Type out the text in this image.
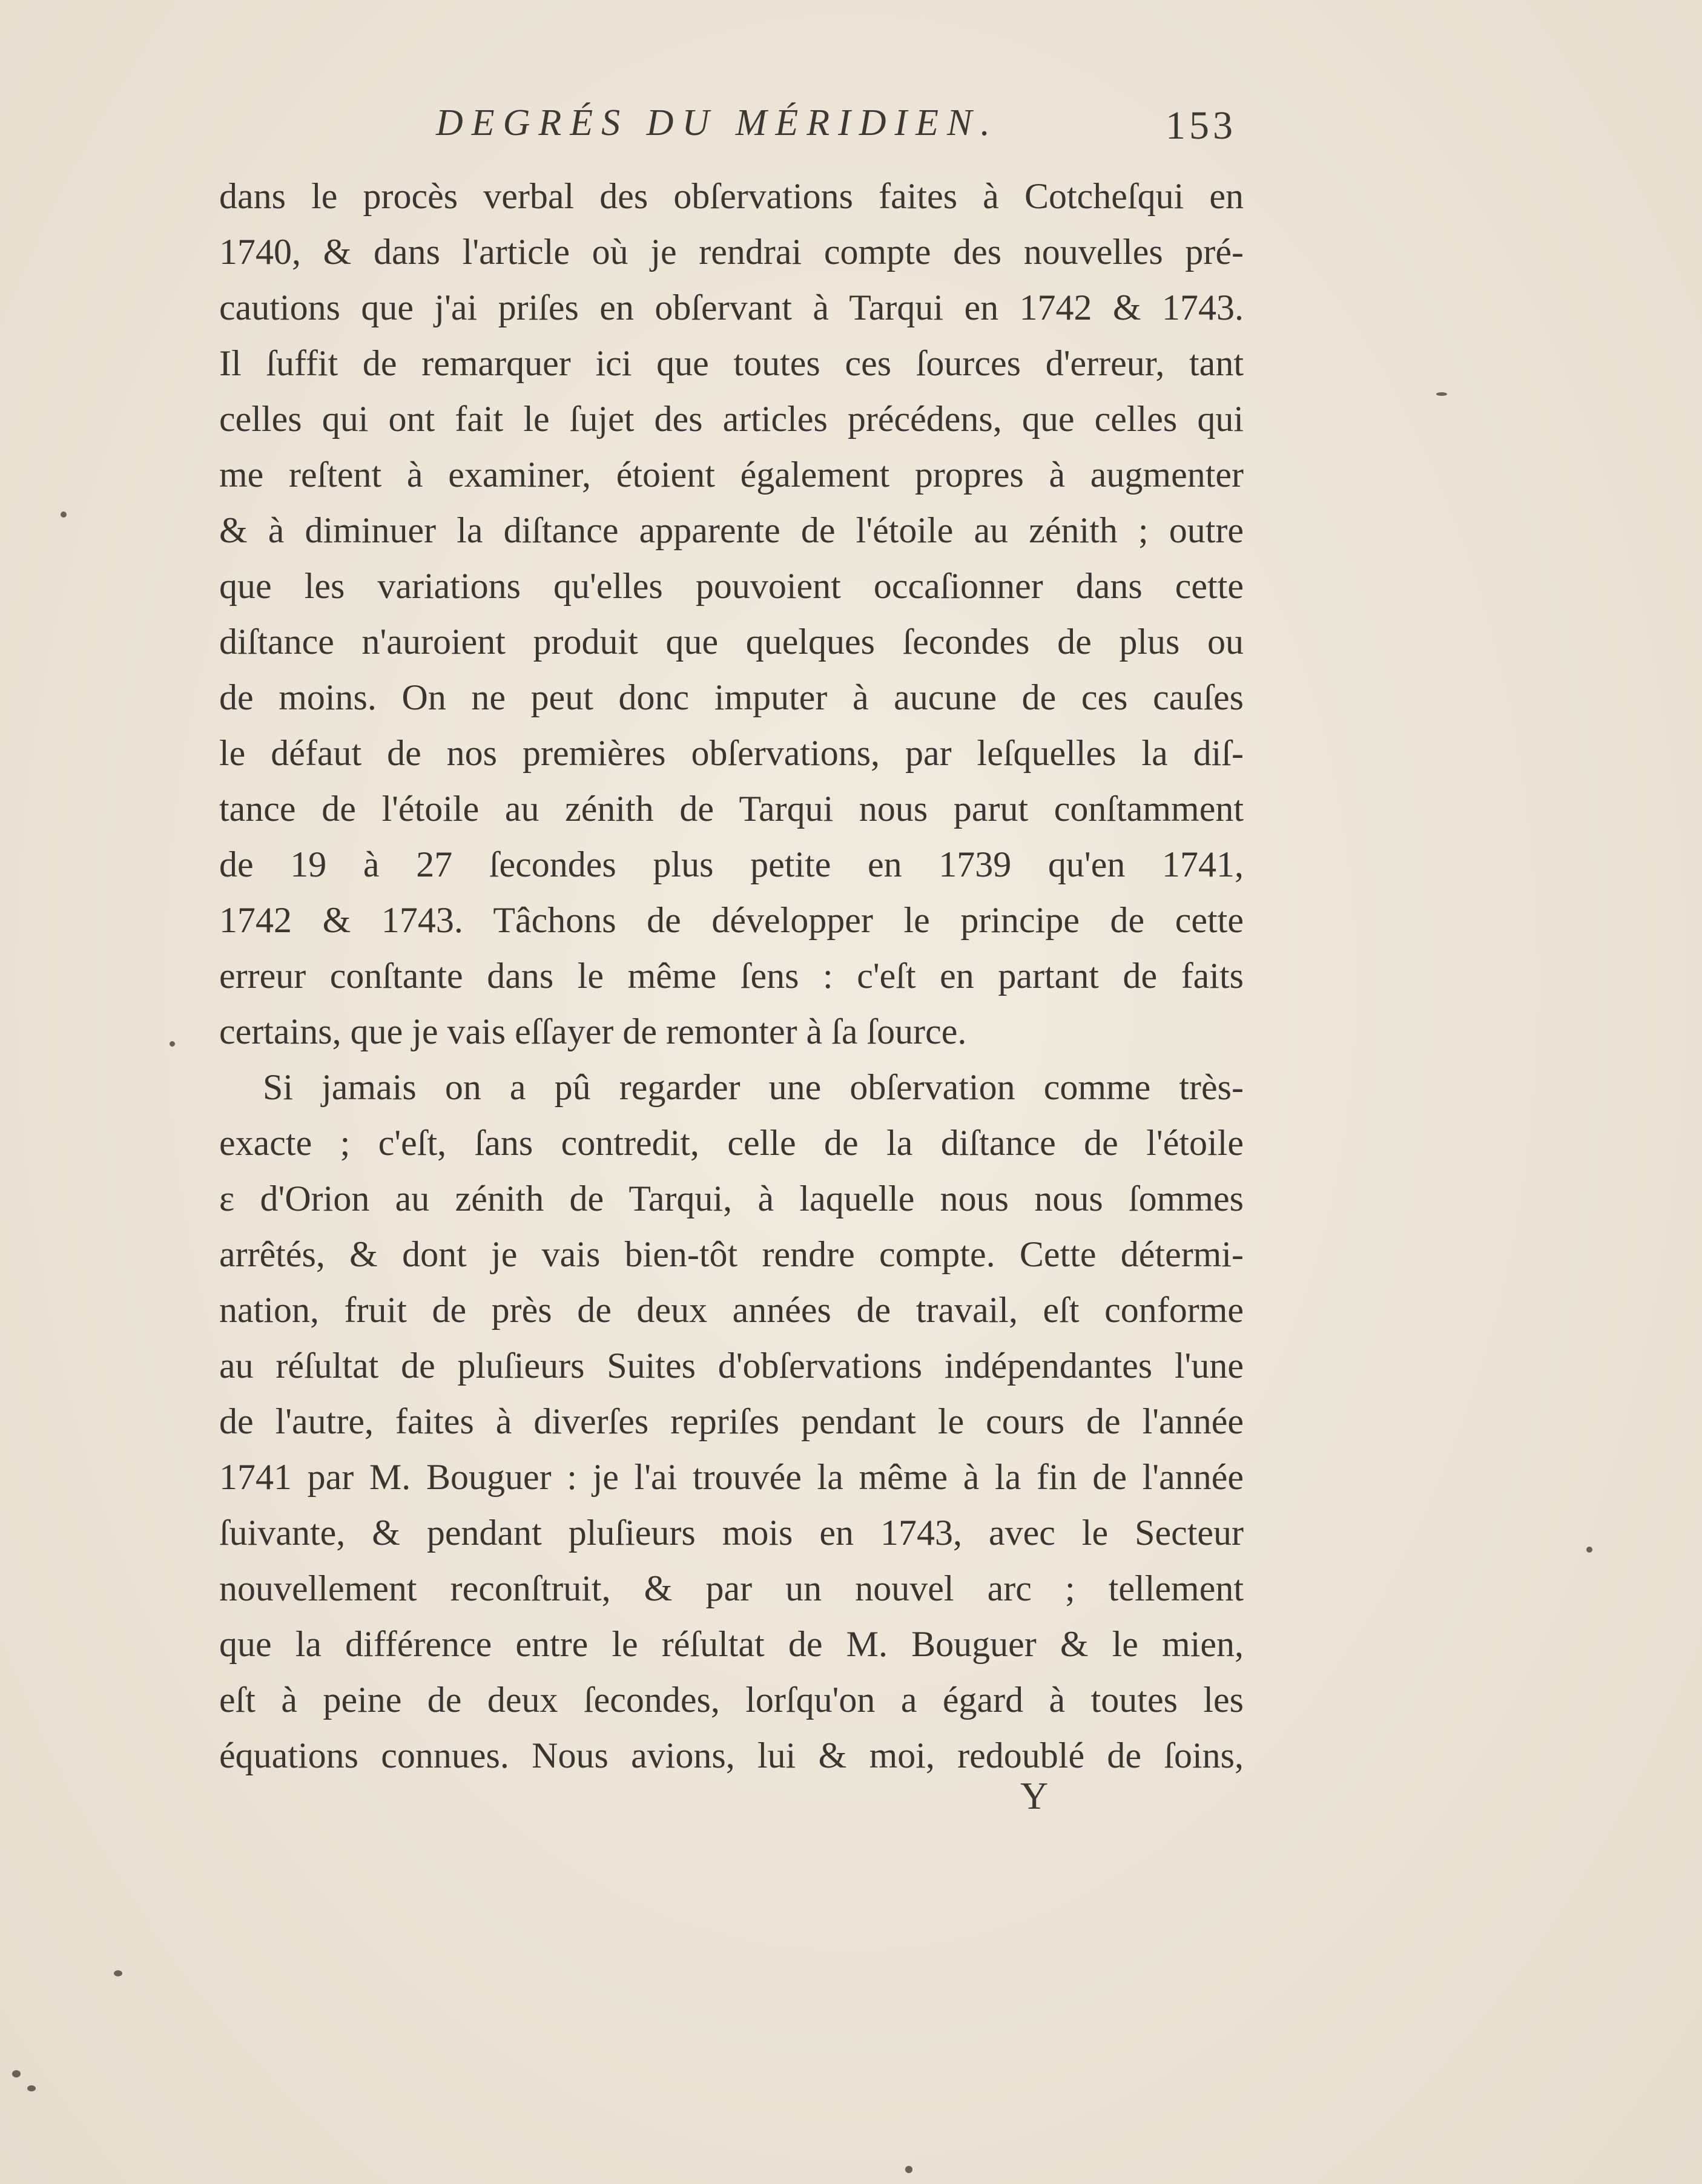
DEGRÉS DU MÉRIDIEN.	153
dans le procès verbal des obſervations faites à Cotcheſqui en
1740, & dans l'article où je rendrai compte des nouvelles pré-
cautions que j'ai priſes en obſervant à Tarqui en 1742 & 1743.
Il ſuffit de remarquer ici que toutes ces ſources d'erreur, tant
celles qui ont fait le ſujet des articles précédens, que celles qui
me reſtent à examiner, étoient également propres à augmenter
& à diminuer la diſtance apparente de l'étoile au zénith ; outre
que les variations qu'elles pouvoient occaſionner dans cette
diſtance n'auroient produit que quelques ſecondes de plus ou
de moins. On ne peut donc imputer à aucune de ces cauſes
le défaut de nos premières obſervations, par leſquelles la diſ-
tance de l'étoile au zénith de Tarqui nous parut conſtamment
de 19 à 27 ſecondes plus petite en 1739 qu'en 1741,
1742 & 1743. Tâchons de développer le principe de cette
erreur conſtante dans le même ſens : c'eſt en partant de faits
certains, que je vais eſſayer de remonter à ſa ſource.
Si jamais on a pû regarder une obſervation comme très-
exacte ; c'eſt, ſans contredit, celle de la diſtance de l'étoile
ε d'Orion au zénith de Tarqui, à laquelle nous nous ſommes
arrêtés, & dont je vais bien-tôt rendre compte. Cette détermi-
nation, fruit de près de deux années de travail, eſt conforme
au réſultat de pluſieurs Suites d'obſervations indépendantes l'une
de l'autre, faites à diverſes repriſes pendant le cours de l'année
1741 par M. Bouguer : je l'ai trouvée la même à la fin de l'année
ſuivante, & pendant pluſieurs mois en 1743, avec le Secteur
nouvellement reconſtruit, & par un nouvel arc ; tellement
que la différence entre le réſultat de M. Bouguer & le mien,
eſt à peine de deux ſecondes, lorſqu'on a égard à toutes les
équations connues. Nous avions, lui & moi, redoublé de ſoins,
Y
